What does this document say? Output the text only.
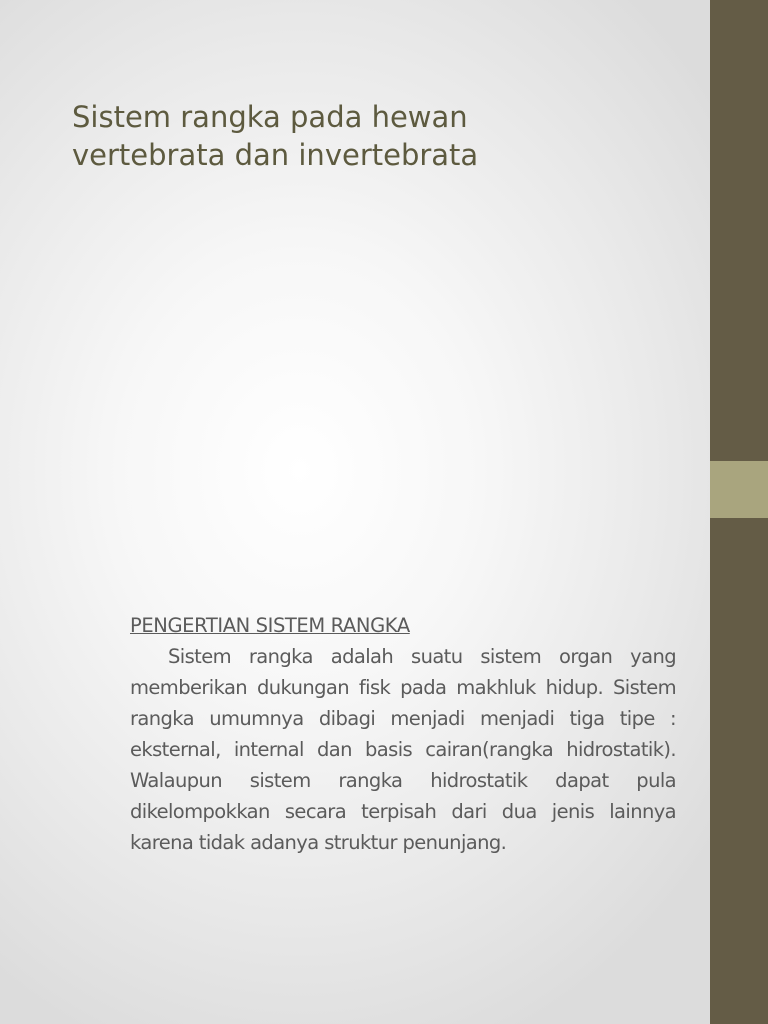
Sistem rangka pada hewan
vertebrata dan invertebrata
PENGERTIAN SISTEM RANGKA

Sistem rangka adalah suatu sistem organ yang memberikan dukungan fisk pada makhluk hidup. Sistem rangka umumnya dibagi menjadi menjadi tiga tipe : eksternal, internal dan basis cairan(rangka hidrostatik). Walaupun sistem rangka hidrostatik dapat pula dikelompokkan secara terpisah dari dua jenis lainnya karena tidak adanya struktur penunjang.
